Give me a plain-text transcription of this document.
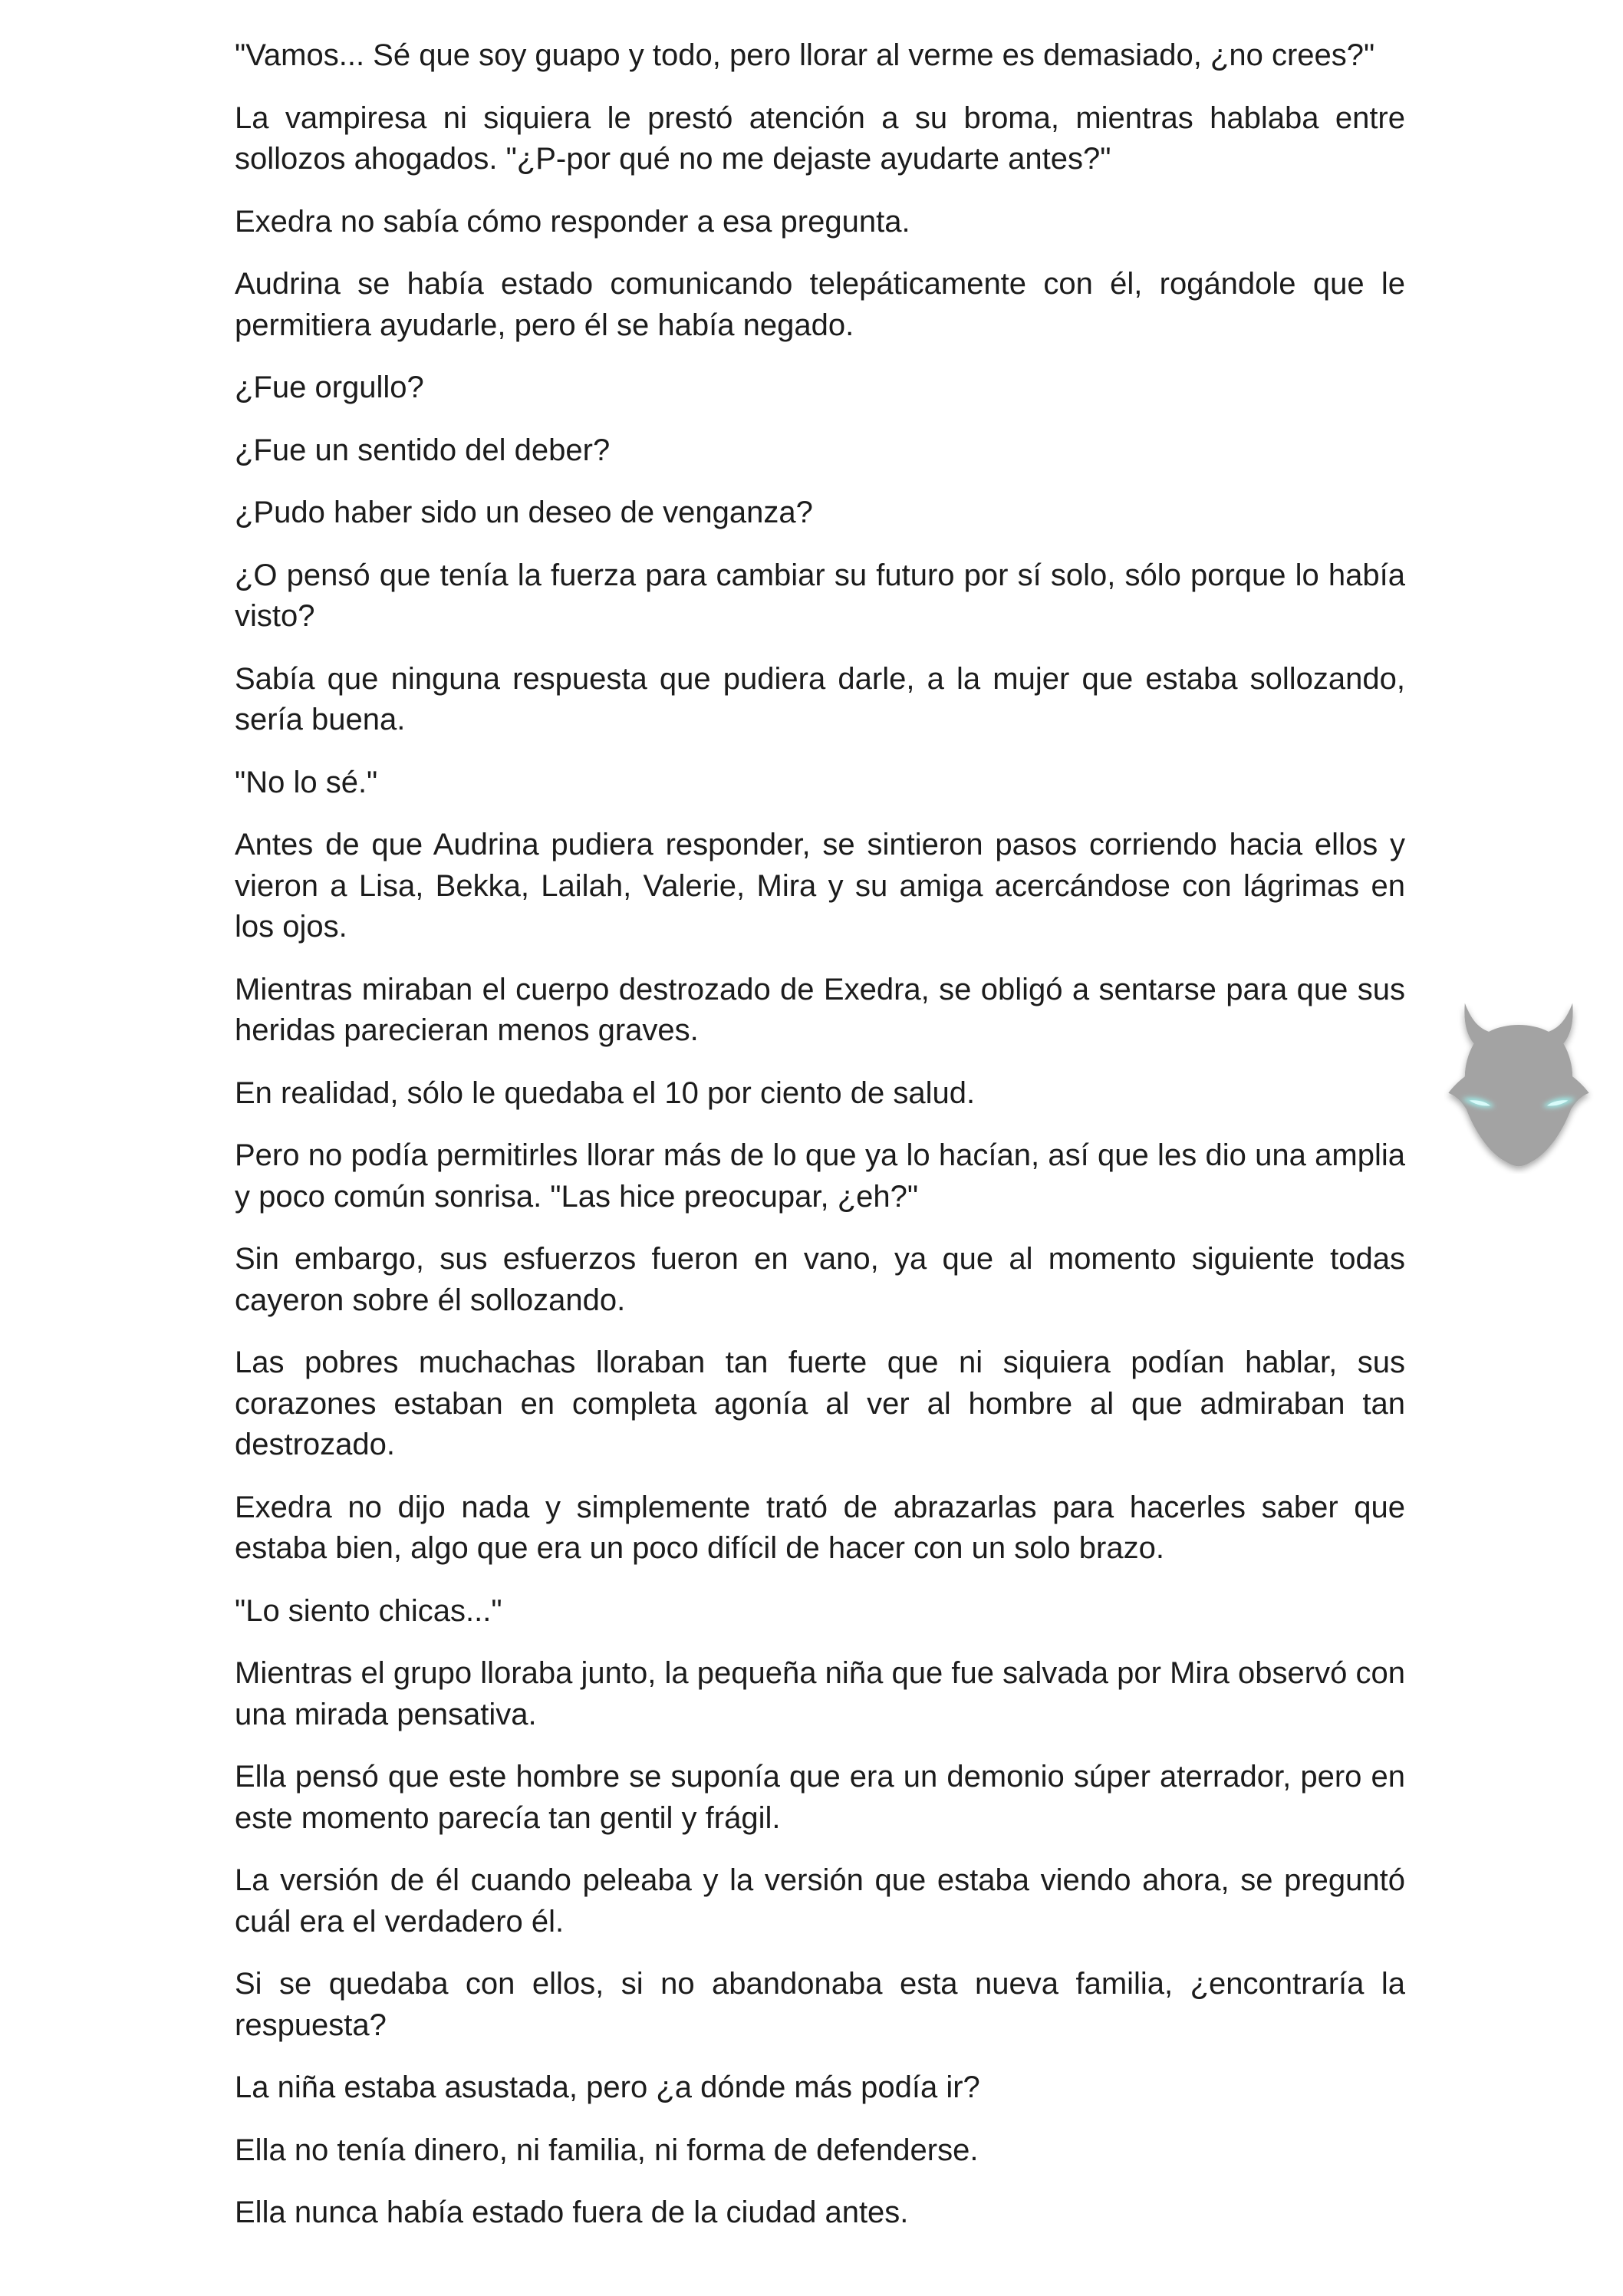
"Vamos... Sé que soy guapo y todo, pero llorar al verme es demasiado, ¿no crees?"

La vampiresa ni siquiera le prestó atención a su broma, mientras hablaba entre sollozos ahogados. "¿P-por qué no me dejaste ayudarte antes?"

Exedra no sabía cómo responder a esa pregunta.

Audrina se había estado comunicando telepáticamente con él, rogándole que le permitiera ayudarle, pero él se había negado.

¿Fue orgullo?

¿Fue un sentido del deber?

¿Pudo haber sido un deseo de venganza?

¿O pensó que tenía la fuerza para cambiar su futuro por sí solo, sólo porque lo había visto?

Sabía que ninguna respuesta que pudiera darle, a la mujer que estaba sollozando, sería buena.

"No lo sé."

Antes de que Audrina pudiera responder, se sintieron pasos corriendo hacia ellos y vieron a Lisa, Bekka, Lailah, Valerie, Mira y su amiga acercándose con lágrimas en los ojos.

Mientras miraban el cuerpo destrozado de Exedra, se obligó a sentarse para que sus heridas parecieran menos graves.

En realidad, sólo le quedaba el 10 por ciento de salud.

Pero no podía permitirles llorar más de lo que ya lo hacían, así que les dio una amplia y poco común sonrisa. "Las hice preocupar, ¿eh?"

Sin embargo, sus esfuerzos fueron en vano, ya que al momento siguiente todas cayeron sobre él sollozando.

Las pobres muchachas lloraban tan fuerte que ni siquiera podían hablar, sus corazones estaban en completa agonía al ver al hombre al que admiraban tan destrozado.

Exedra no dijo nada y simplemente trató de abrazarlas para hacerles saber que estaba bien, algo que era un poco difícil de hacer con un solo brazo.

"Lo siento chicas..."

Mientras el grupo lloraba junto, la pequeña niña que fue salvada por Mira observó con una mirada pensativa.

Ella pensó que este hombre se suponía que era un demonio súper aterrador, pero en este momento parecía tan gentil y frágil.

La versión de él cuando peleaba y la versión que estaba viendo ahora, se preguntó cuál era el verdadero él.

Si se quedaba con ellos, si no abandonaba esta nueva familia, ¿encontraría la respuesta?

La niña estaba asustada, pero ¿a dónde más podía ir?

Ella no tenía dinero, ni familia, ni forma de defenderse.

Ella nunca había estado fuera de la ciudad antes.
